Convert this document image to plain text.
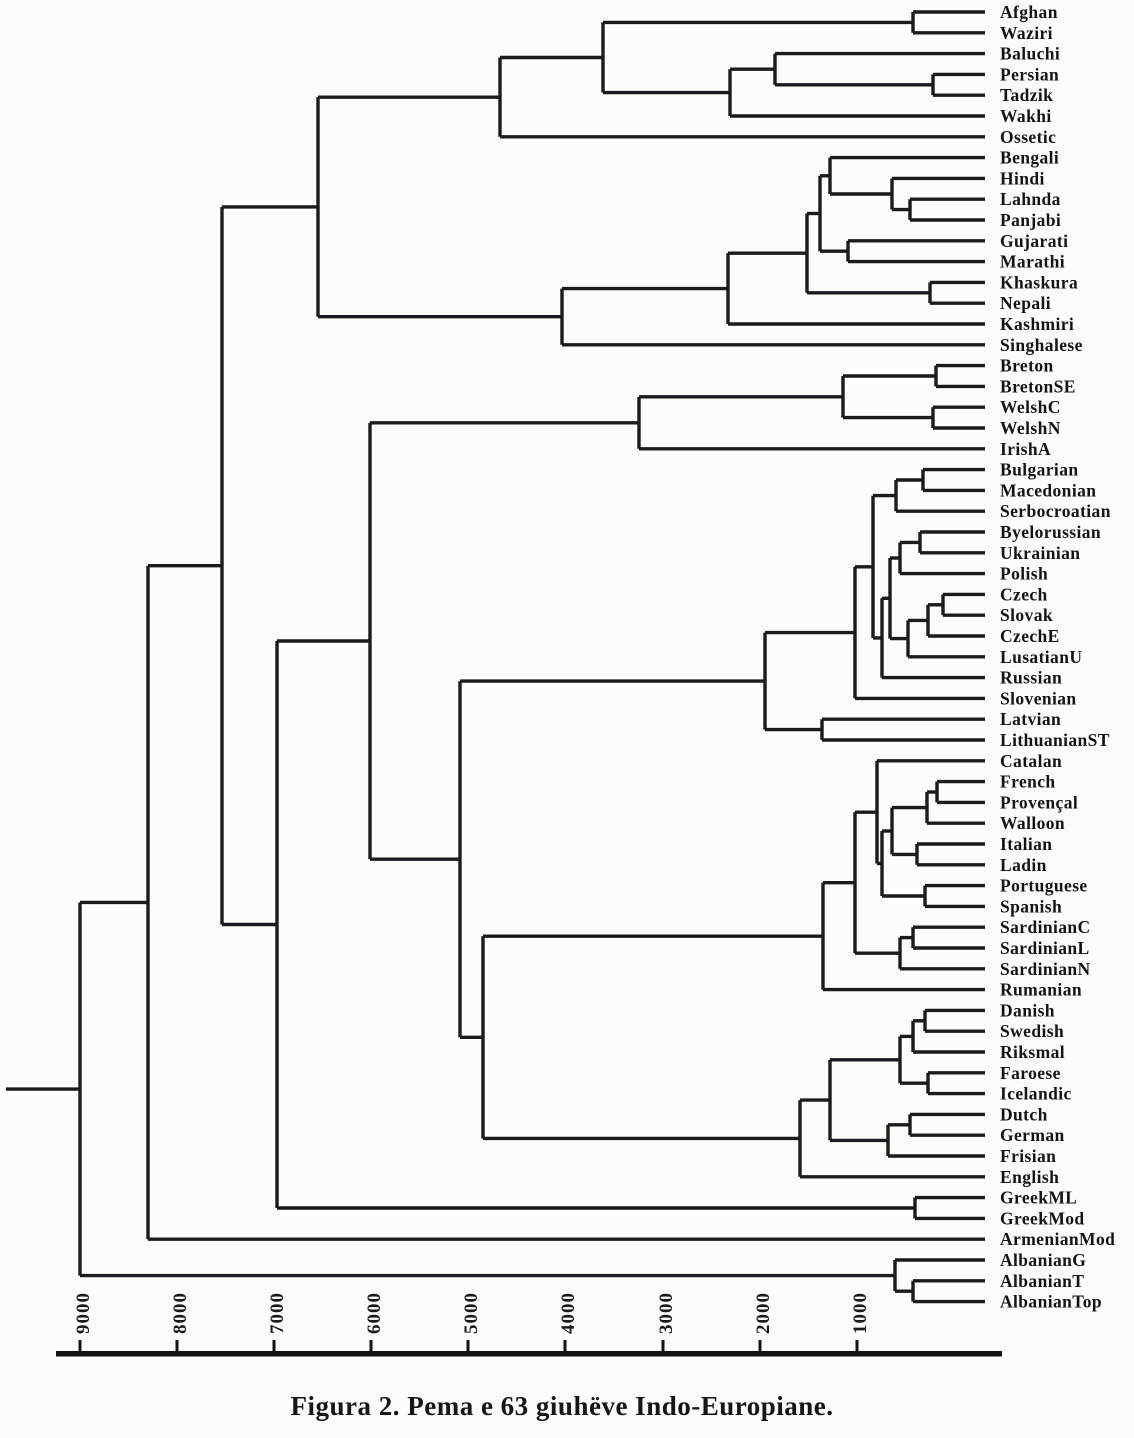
Afghan
Waziri
Baluchi
Persian
Tadzik
Wakhi
Ossetic
Bengali
Hindi
Lahnda
Panjabi
Gujarati
Marathi
Khaskura
Nepali
Kashmiri
Singhalese
Breton
BretonSE
WelshC
WelshN
IrishA
Bulgarian
Macedonian
Serbocroatian
Byelorussian
Ukrainian
Polish
Czech
Slovak
CzechE
LusatianU
Russian
Slovenian
Latvian
LithuanianST
Catalan
French
Provençal
Walloon
Italian
Ladin
Portuguese
Spanish
SardinianC
SardinianL
SardinianN
Rumanian
Danish
Swedish
Riksmal
Faroese
Icelandic
Dutch
German
Frisian
English
GreekML
GreekMod
ArmenianMod
AlbanianG
AlbanianT
AlbanianTop
9000	8000	7000	6000	5000	4000	3000	2000	1000
Figura 2. Pema e 63 giuhëve Indo-Europiane.
